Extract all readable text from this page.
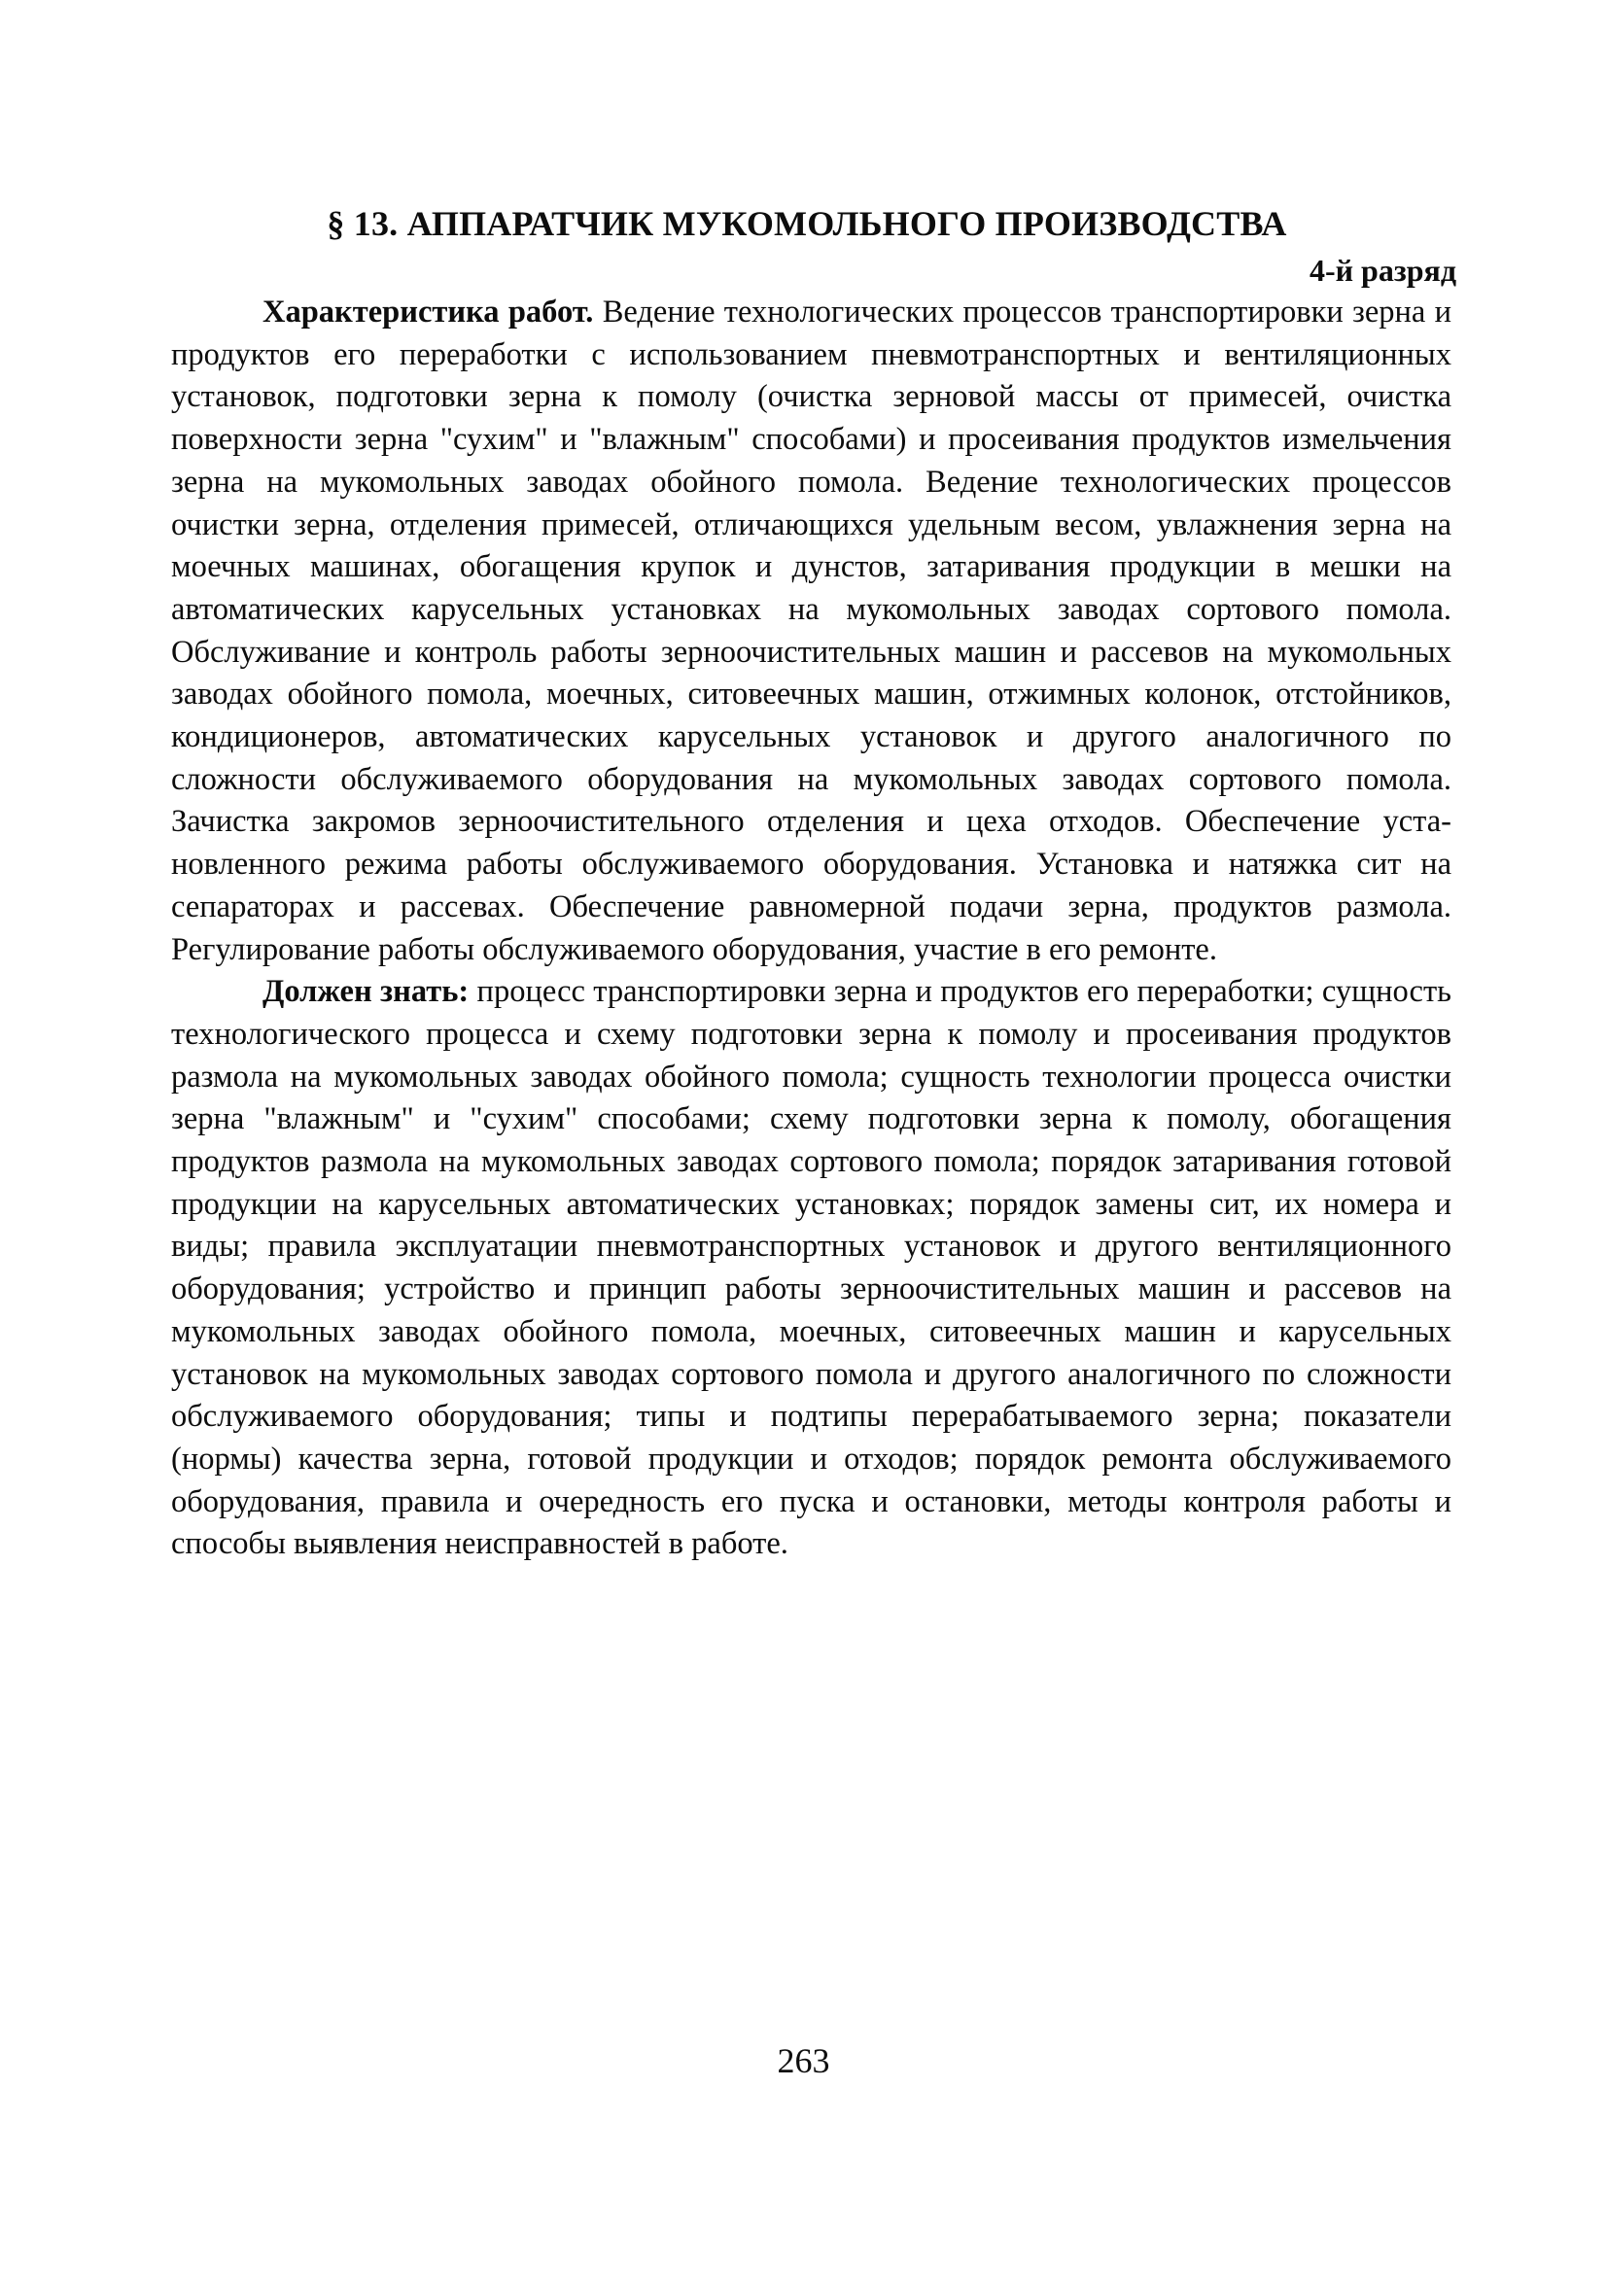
§ 13. АППАРАТЧИК МУКОМОЛЬНОГО ПРОИЗВОДСТВА
4-й разряд

Характеристика работ. Ведение технологических процессов транспортировки зерна и продуктов его переработки с использованием пневмотранспортных и вентиляционных установок, подготовки зерна к помолу (очистка зерновой массы от примесей, очистка поверхности зерна "сухим" и "влажным" способами) и просеивания продуктов измельчения зерна на мукомольных заводах обойного помола. Ведение технологических процессов очистки зерна, отделения примесей, отличающихся удельным весом, увлажнения зерна на моечных машинах, обогащения крупок и дунстов, затаривания продукции в мешки на автоматических карусельных установках на мукомольных заводах сортового помола. Обслуживание и контроль работы зерноочистительных машин и рассевов на мукомольных заводах обойного помола, моечных, ситовеечных машин, отжимных колонок, отстойников, кондиционеров, автоматических карусельных установок и другого аналогичного по сложности обслуживаемого оборудования на мукомольных заводах сортового помола. Зачистка закромов зерноочистительного отделения и цеха отходов. Обеспечение установленного режима работы обслуживаемого оборудования. Установка и натяжка сит на сепараторах и рассевах. Обеспечение равномерной подачи зерна, продуктов размола. Регулирование работы обслуживаемого оборудования, участие в его ремонте.

Должен знать: процесс транспортировки зерна и продуктов его переработки; сущность технологического процесса и схему подготовки зерна к помолу и просеивания продуктов размола на мукомольных заводах обойного помола; сущность технологии процесса очистки зерна "влажным" и "сухим" способами; схему подготовки зерна к помолу, обогащения продуктов размола на мукомольных заводах сортового помола; порядок затаривания готовой продукции на карусельных автоматических установках; порядок замены сит, их номера и виды; правила эксплуатации пневмотранспортных установок и другого вентиляционного оборудования; устройство и принцип работы зерноочистительных машин и рассевов на мукомольных заводах обойного помола, моечных, ситовеечных машин и карусельных установок на мукомольных заводах сортового помола и другого аналогичного по сложности обслуживаемого оборудования; типы и подтипы перерабатываемого зерна; показатели (нормы) качества зерна, готовой продукции и отходов; порядок ремонта обслуживаемого оборудования, правила и очередность его пуска и остановки, методы контроля работы и способы выявления неисправностей в работе.

263
